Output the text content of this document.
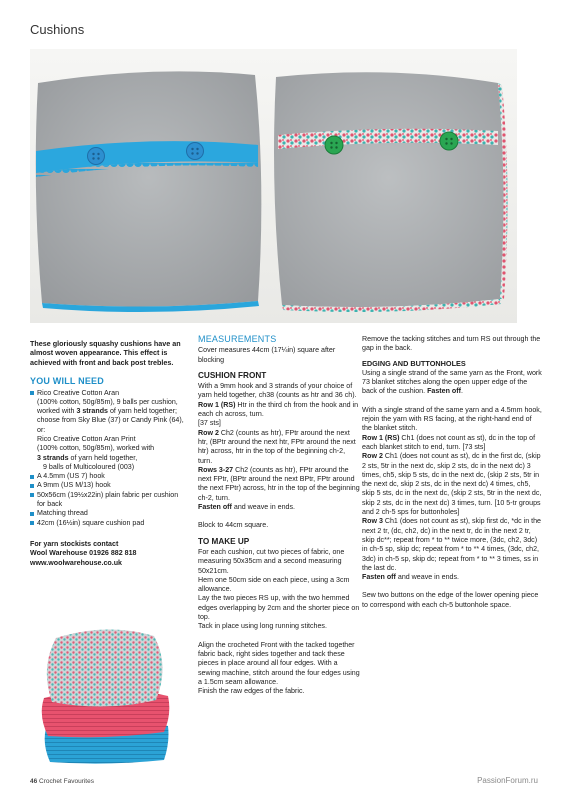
Cushions

These gloriously squashy cushions have an almost woven appearance. This effect is achieved with front and back post trebles.

YOU WILL NEED
Rico Creative Cotton Aran
(100% cotton, 50g/85m), 9 balls per cushion,
worked with 3 strands of yarn held together;
choose from Sky Blue (37) or Candy Pink (64),
or:
Rico Creative Cotton Aran Print
(100% cotton, 50g/85m), worked with
3 strands of yarn held together,
9 balls of Multicoloured (003)
A 4.5mm (US 7) hook
A 9mm (US M/13) hook
50x56cm (19½x22in) plain fabric per cushion
for back
Matching thread
42cm (16½in) square cushion pad
For yarn stockists contact
Wool Warehouse 01926 882 818
www.woolwarehouse.co.uk
MEASUREMENTS

Cover measures 44cm (17¼in) square after blocking

CUSHION FRONT

With a 9mm hook and 3 strands of your choice of yarn held together, ch38 (counts as htr and 36 ch).

Row 1 (RS) Htr in the third ch from the hook and in each ch across, turn.

[37 sts]

Row 2 Ch2 (counts as htr), FPtr around the next htr, (BPtr around the next htr, FPtr around the next htr) across, htr in the top of the beginning ch-2, turn.

Rows 3-27 Ch2 (counts as htr), FPtr around the next FPtr, (BPtr around the next BPtr, FPtr around the next FPtr) across, htr in the top of the beginning ch-2, turn.

Fasten off and weave in ends.

Block to 44cm square.

TO MAKE UP

For each cushion, cut two pieces of fabric, one measuring 50x35cm and a second measuring 50x21cm.

Hem one 50cm side on each piece, using a 3cm allowance.

Lay the two pieces RS up, with the two hemmed edges overlapping by 2cm and the shorter piece on top.

Tack in place using long running stitches.

Align the crocheted Front with the tacked together fabric back, right sides together and tack these pieces in place around all four edges. With a sewing machine, stitch around the four edges using a 1.5cm seam allowance.

Finish the raw edges of the fabric.

Remove the tacking stitches and turn RS out through the gap in the back.

EDGING AND BUTTONHOLES

Using a single strand of the same yarn as the Front, work 73 blanket stitches along the open upper edge of the back of the cushion. Fasten off.

With a single strand of the same yarn and a 4.5mm hook, rejoin the yarn with RS facing, at the right-hand end of the blanket stitch.

Row 1 (RS) Ch1 (does not count as st), dc in the top of each blanket stitch to end, turn. [73 sts]

Row 2 Ch1 (does not count as st), dc in the first dc, (skip 2 sts, 5tr in the next dc, skip 2 sts, dc in the next dc) 3 times, ch5, skip 5 sts, dc in the next dc, (skip 2 sts, 5tr in the next dc, skip 2 sts, dc in the next dc) 4 times, ch5, skip 5 sts, dc in the next dc, (skip 2 sts, 5tr in the next dc, skip 2 sts, dc in the next dc) 3 times, turn. [10 5-tr groups and 2 ch-5 sps for buttonholes]

Row 3 Ch1 (does not count as st), skip first dc, *dc in the next 2 tr, (dc, ch2, dc) in the next tr, dc in the next 2 tr, skip dc**; repeat from * to ** twice more, (3dc, ch2, 3dc) in ch-5 sp, skip dc; repeat from * to ** 4 times, (3dc, ch2, 3dc) in ch-5 sp, skip dc; repeat from * to ** 3 times, ss in the last dc.

Fasten off and weave in ends.

Sew two buttons on the edge of the lower opening piece to correspond with each ch-5 buttonhole space.

46 Crochet Favourites	PassionForum.ru
